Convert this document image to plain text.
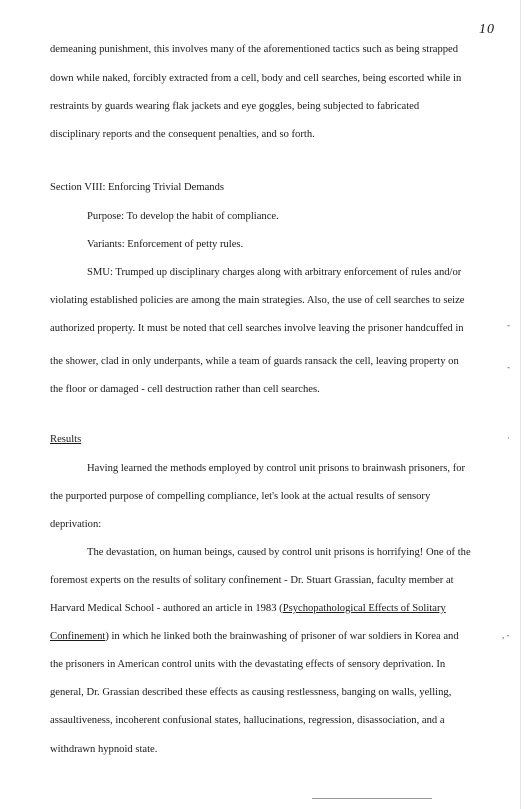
10
demeaning punishment, this involves many of the aforementioned tactics such as being strapped
down while naked, forcibly extracted from a cell, body and cell searches, being escorted while in
restraints by guards wearing flak jackets and eye goggles, being subjected to fabricated
disciplinary reports and the consequent penalties, and so forth.
Section VIII: Enforcing Trivial Demands
Purpose: To develop the habit of compliance.
Variants: Enforcement of petty rules.
SMU: Trumped up disciplinary charges along with arbitrary enforcement of rules and/or
violating established policies are among the main strategies. Also, the use of cell searches to seize
authorized property. It must be noted that cell searches involve leaving the prisoner handcuffed in
the shower, clad in only underpants, while a team of guards ransack the cell, leaving property on
the floor or damaged - cell destruction rather than cell searches.
Results
Having learned the methods employed by control unit prisons to brainwash prisoners, for
the purported purpose of compelling compliance, let's look at the actual results of sensory
deprivation:
The devastation, on human beings, caused by control unit prisons is horrifying! One of the
foremost experts on the results of solitary confinement - Dr. Stuart Grassian, faculty member at
Harvard Medical School - authored an article in 1983 (Psychopathological Effects of Solitary
Confinement) in which he linked both the brainwashing of prisoner of war soldiers in Korea and
the prisoners in American control units with the devastating effects of sensory deprivation. In
general, Dr. Grassian described these effects as causing restlessness, banging on walls, yelling,
assaultiveness, incoherent confusional states, hallucinations, regression, disassociation, and a
withdrawn hypnoid state.
-
-
·
, -
